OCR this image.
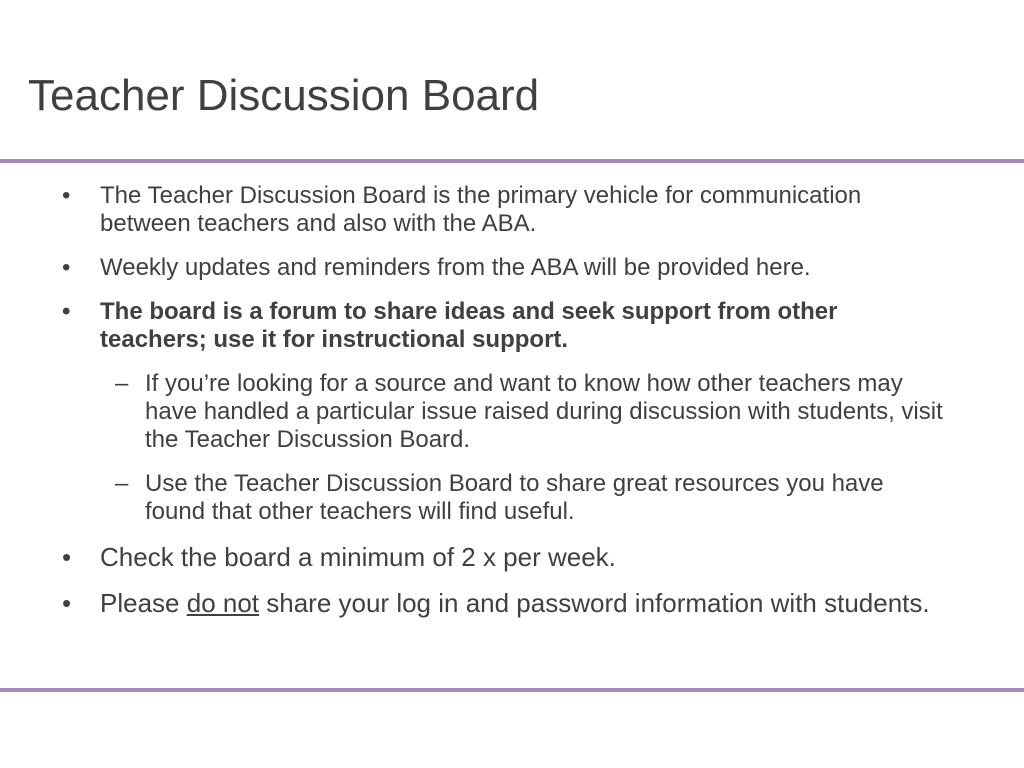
Teacher Discussion Board
• The Teacher Discussion Board is the primary vehicle for communication between teachers and also with the ABA.
• Weekly updates and reminders from the ABA will be provided here.
• The board is a forum to share ideas and seek support from other teachers; use it for instructional support.
– If you’re looking for a source and want to know how other teachers may have handled a particular issue raised during discussion with students, visit the Teacher Discussion Board.
– Use the Teacher Discussion Board to share great resources you have found that other teachers will find useful.
• Check the board a minimum of 2 x per week.
• Please do not share your log in and password information with students.
